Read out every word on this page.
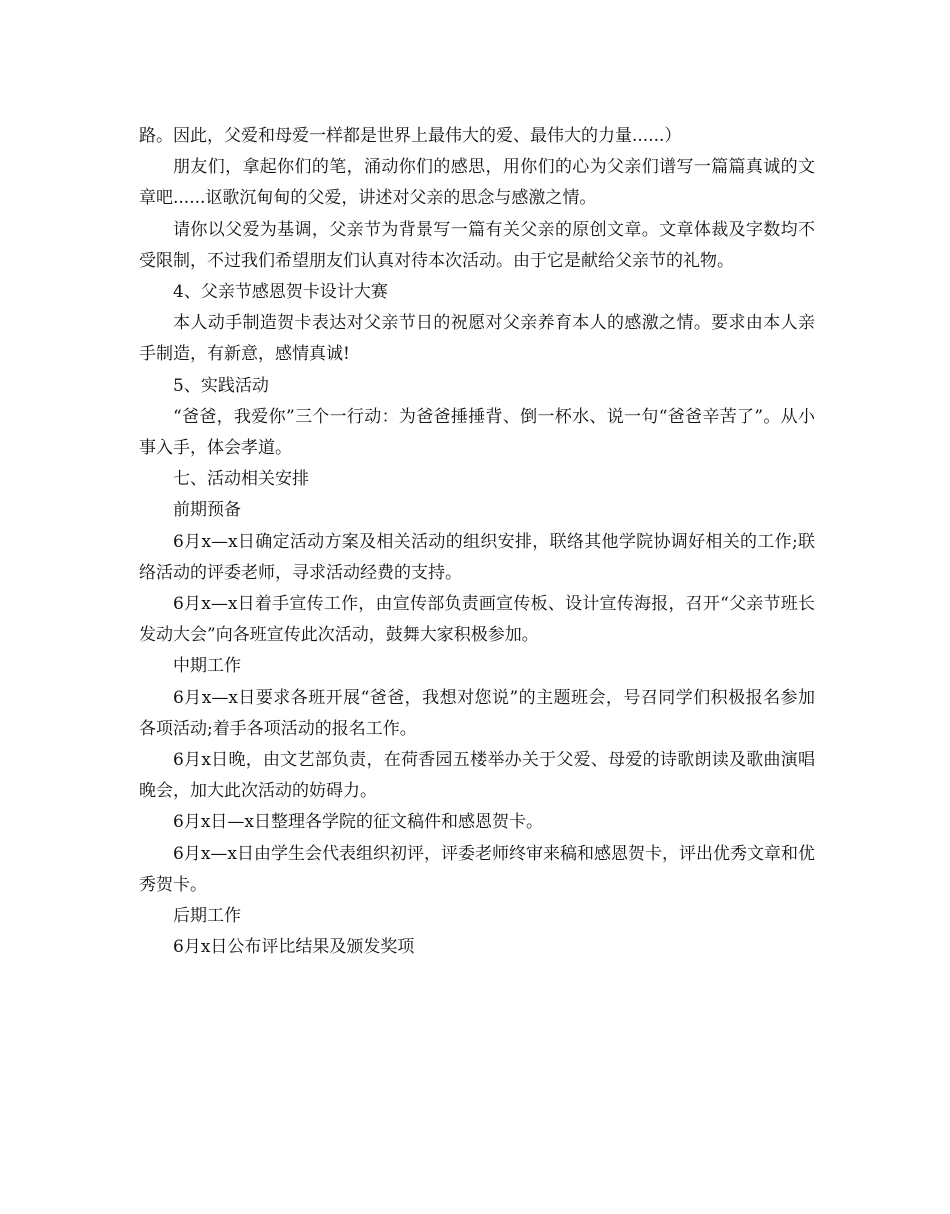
路。因此，父爱和母爱一样都是世界上最伟大的爱、最伟大的力量......）

朋友们，拿起你们的笔，涌动你们的感思，用你们的心为父亲们谱写一篇篇真诚的文章吧......讴歌沉甸甸的父爱，讲述对父亲的思念与感激之情。

请你以父爱为基调，父亲节为背景写一篇有关父亲的原创文章。文章体裁及字数均不受限制，不过我们希望朋友们认真对待本次活动。由于它是献给父亲节的礼物。

4、父亲节感恩贺卡设计大赛

本人动手制造贺卡表达对父亲节日的祝愿对父亲养育本人的感激之情。要求由本人亲手制造，有新意，感情真诚!

5、实践活动

“爸爸，我爱你”三个一行动：为爸爸捶捶背、倒一杯水、说一句“爸爸辛苦了”。从小事入手，体会孝道。

七、活动相关安排

前期预备

6月x—x日确定活动方案及相关活动的组织安排，联络其他学院协调好相关的工作;联络活动的评委老师，寻求活动经费的支持。

6月x—x日着手宣传工作，由宣传部负责画宣传板、设计宣传海报，召开“父亲节班长发动大会”向各班宣传此次活动，鼓舞大家积极参加。

中期工作

6月x—x日要求各班开展“爸爸，我想对您说”的主题班会，号召同学们积极报名参加各项活动;着手各项活动的报名工作。

6月x日晚，由文艺部负责，在荷香园五楼举办关于父爱、母爱的诗歌朗读及歌曲演唱晚会，加大此次活动的妨碍力。

6月x日—x日整理各学院的征文稿件和感恩贺卡。

6月x—x日由学生会代表组织初评，评委老师终审来稿和感恩贺卡，评出优秀文章和优秀贺卡。

后期工作

6月x日公布评比结果及颁发奖项
